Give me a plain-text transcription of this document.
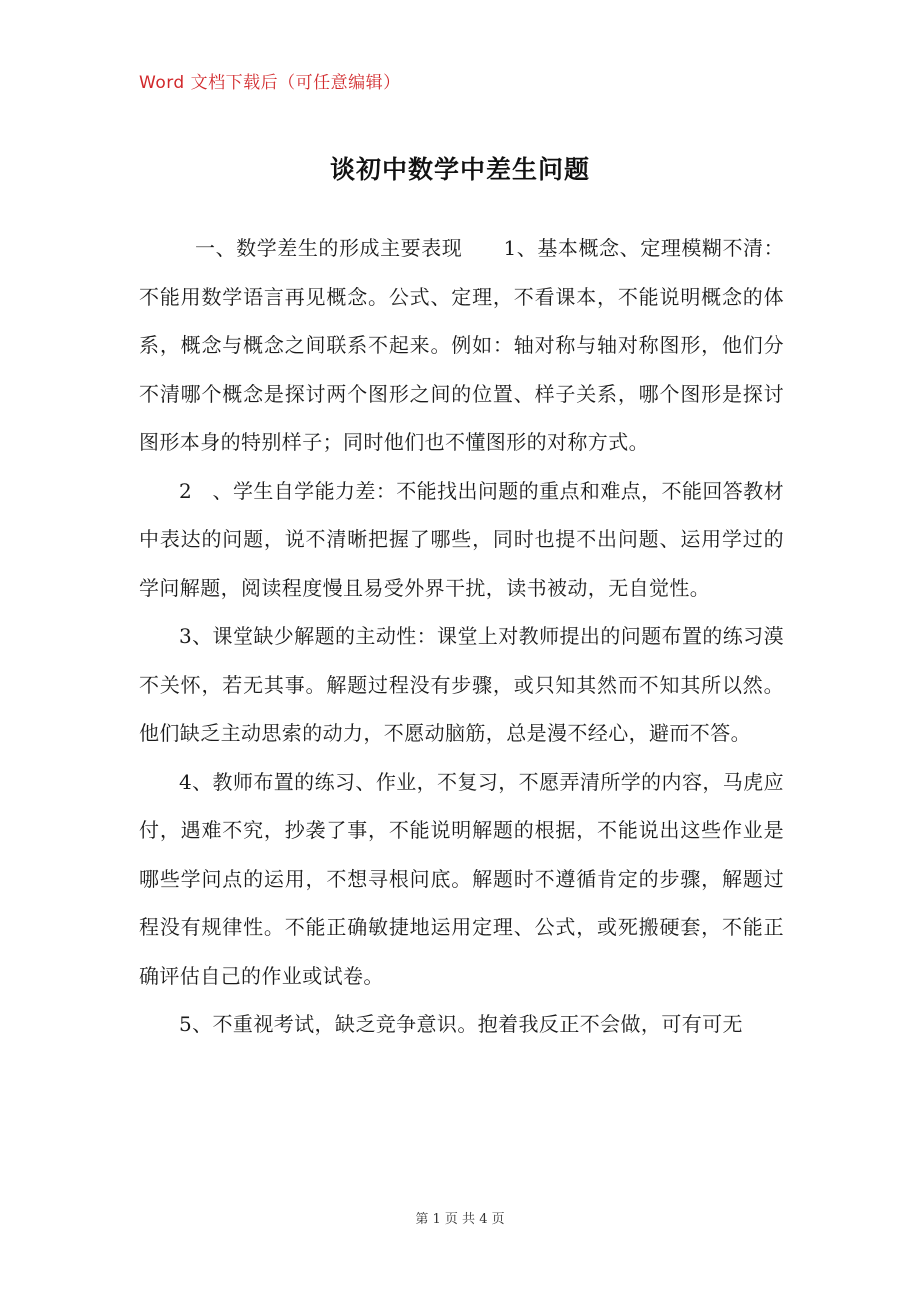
Word 文档下载后（可任意编辑）
谈初中数学中差生问题

一、数学差生的形成主要表现　　1、基本概念、定理模糊不清：不能用数学语言再见概念。公式、定理，不看课本，不能说明概念的体系，概念与概念之间联系不起来。例如：轴对称与轴对称图形，他们分不清哪个概念是探讨两个图形之间的位置、样子关系，哪个图形是探讨图形本身的特别样子；同时他们也不懂图形的对称方式。

2　、学生自学能力差：不能找出问题的重点和难点，不能回答教材中表达的问题，说不清晰把握了哪些，同时也提不出问题、运用学过的学问解题，阅读程度慢且易受外界干扰，读书被动，无自觉性。

3、课堂缺少解题的主动性：课堂上对教师提出的问题布置的练习漠不关怀，若无其事。解题过程没有步骤，或只知其然而不知其所以然。他们缺乏主动思索的动力，不愿动脑筋，总是漫不经心，避而不答。

4、教师布置的练习、作业，不复习，不愿弄清所学的内容，马虎应付，遇难不究，抄袭了事，不能说明解题的根据，不能说出这些作业是哪些学问点的运用，不想寻根问底。解题时不遵循肯定的步骤，解题过程没有规律性。不能正确敏捷地运用定理、公式，或死搬硬套，不能正确评估自己的作业或试卷。

5、不重视考试，缺乏竞争意识。抱着我反正不会做，可有可无

第 1 页 共 4 页
